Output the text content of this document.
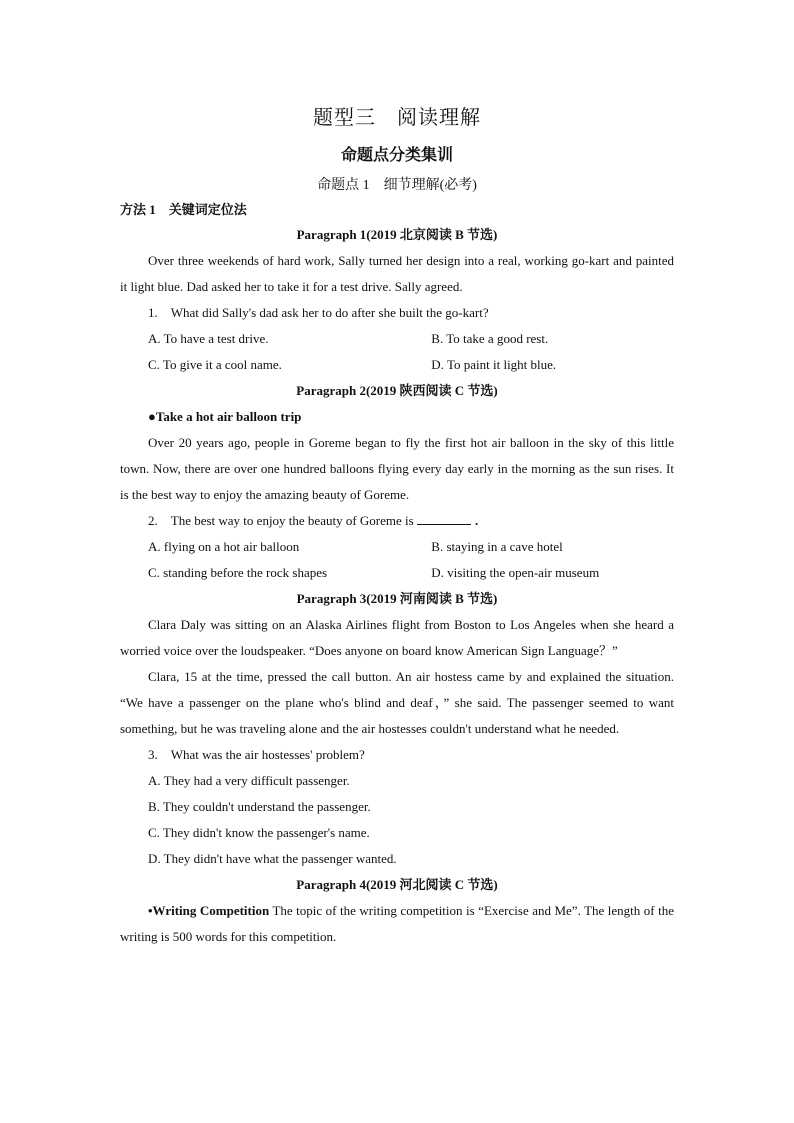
题型三　阅读理解
命题点分类集训
命题点 1　细节理解(必考)
方法 1　关键词定位法
Paragraph 1(2019 北京阅读 B 节选)

Over three weekends of hard work, Sally turned her design into a real, working go-kart and painted it light blue. Dad asked her to take it for a test drive. Sally agreed.

1.　What did Sally's dad ask her to do after she built the go-kart?

A. To have a test drive.	B. To take a good rest.
C. To give it a cool name.	D. To paint it light blue.
Paragraph 2(2019 陕西阅读 C 节选)
●Take a hot air balloon trip

Over 20 years ago, people in Goreme began to fly the first hot air balloon in the sky of this little town. Now, there are over one hundred balloons flying every day early in the morning as the sun rises. It is the best way to enjoy the amazing beauty of Goreme.

2.　The best way to enjoy the beauty of Goreme is	.

A. flying on a hot air balloon	B. staying in a cave hotel
C. standing before the rock shapes	D. visiting the open-air museum
Paragraph 3(2019 河南阅读 B 节选)

Clara Daly was sitting on an Alaska Airlines flight from Boston to Los Angeles when she heard a worried voice over the loudspeaker. “Does anyone on board know American Sign Language？”

Clara, 15 at the time, pressed the call button. An air hostess came by and explained the situation. “We have a passenger on the plane who's blind and deaf，” she said. The passenger seemed to want something, but he was traveling alone and the air hostesses couldn't understand what he needed.

3.　What was the air hostesses' problem?

A. They had a very difficult passenger.
B. They couldn't understand the passenger.
C. They didn't know the passenger's name.
D. They didn't have what the passenger wanted.
Paragraph 4(2019 河北阅读 C 节选)

•Writing Competition The topic of the writing competition is “Exercise and Me”. The length of the writing is 500 words for this competition.
